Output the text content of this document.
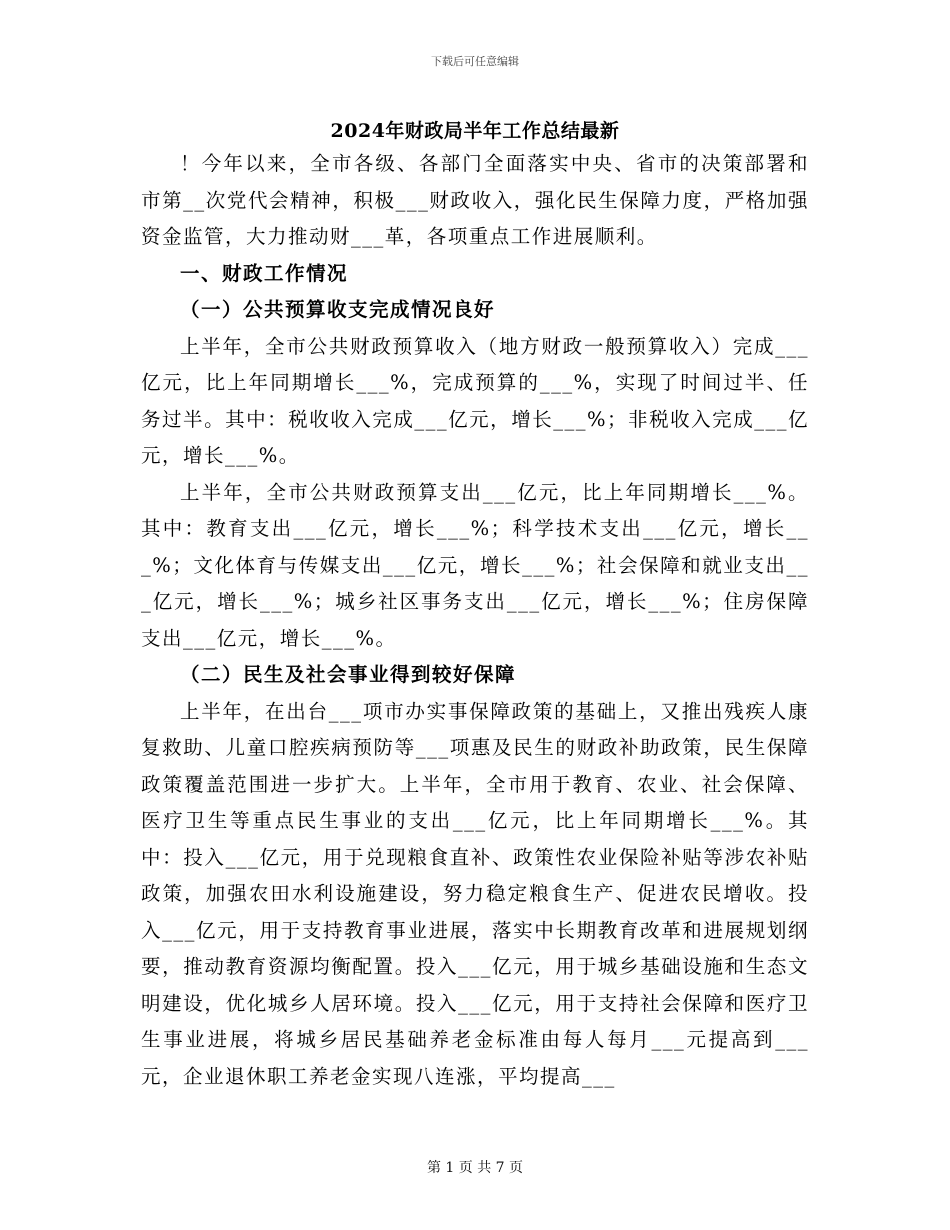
下载后可任意编辑
2024年财政局半年工作总结最新

！今年以来，全市各级、各部门全面落实中央、省市的决策部署和市第__次党代会精神，积极___财政收入，强化民生保障力度，严格加强资金监管，大力推动财___革，各项重点工作进展顺利。

一、财政工作情况

（一）公共预算收支完成情况良好

上半年，全市公共财政预算收入（地方财政一般预算收入）完成___亿元，比上年同期增长___%，完成预算的___%，实现了时间过半、任务过半。其中：税收收入完成___亿元，增长___%；非税收入完成___亿元，增长___%。

上半年，全市公共财政预算支出___亿元，比上年同期增长___%。其中：教育支出___亿元，增长___%；科学技术支出___亿元，增长___%；文化体育与传媒支出___亿元，增长___%；社会保障和就业支出___亿元，增长___%；城乡社区事务支出___亿元，增长___%；住房保障支出___亿元，增长___%。

（二）民生及社会事业得到较好保障

上半年，在出台___项市办实事保障政策的基础上，又推出残疾人康复救助、儿童口腔疾病预防等___项惠及民生的财政补助政策，民生保障政策覆盖范围进一步扩大。上半年，全市用于教育、农业、社会保障、医疗卫生等重点民生事业的支出___亿元，比上年同期增长___%。其中：投入___亿元，用于兑现粮食直补、政策性农业保险补贴等涉农补贴政策，加强农田水利设施建设，努力稳定粮食生产、促进农民增收。投入___亿元，用于支持教育事业进展，落实中长期教育改革和进展规划纲要，推动教育资源均衡配置。投入___亿元，用于城乡基础设施和生态文明建设，优化城乡人居环境。投入___亿元，用于支持社会保障和医疗卫生事业进展，将城乡居民基础养老金标准由每人每月___元提高到___元，企业退休职工养老金实现八连涨，平均提高___

第 1 页 共 7 页
